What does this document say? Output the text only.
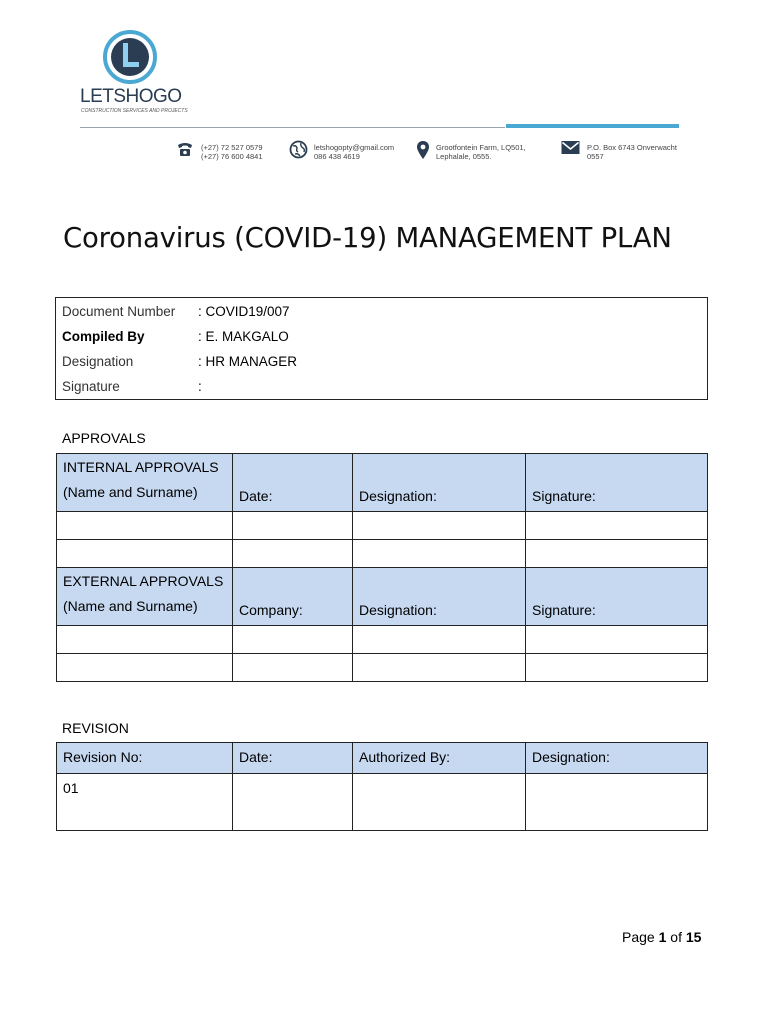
LETSHOGO
CONSTRUCTION SERVICES AND PROJECTS
(+27) 72 527 0579
(+27) 76 600 4841
letshogopty@gmail.com
086 438 4619
Grootfontein Farm, LQ501,
Lephalale, 0555.
P.O. Box 6743 Onverwacht
0557
Coronavirus (COVID-19) MANAGEMENT PLAN
Document Number : COVID19/007
Compiled By	: E. MAKGALO
Designation	: HR MANAGER
Signature	:
APPROVALS
INTERNAL APPROVALS
(Name and Surname)	Date:	Designation:	Signature:

EXTERNAL APPROVALS
(Name and Surname)	Company:	Designation:	Signature:

REVISION
Revision No:	Date:	Authorized By:	Designation:

01			

Page 1 of 15
